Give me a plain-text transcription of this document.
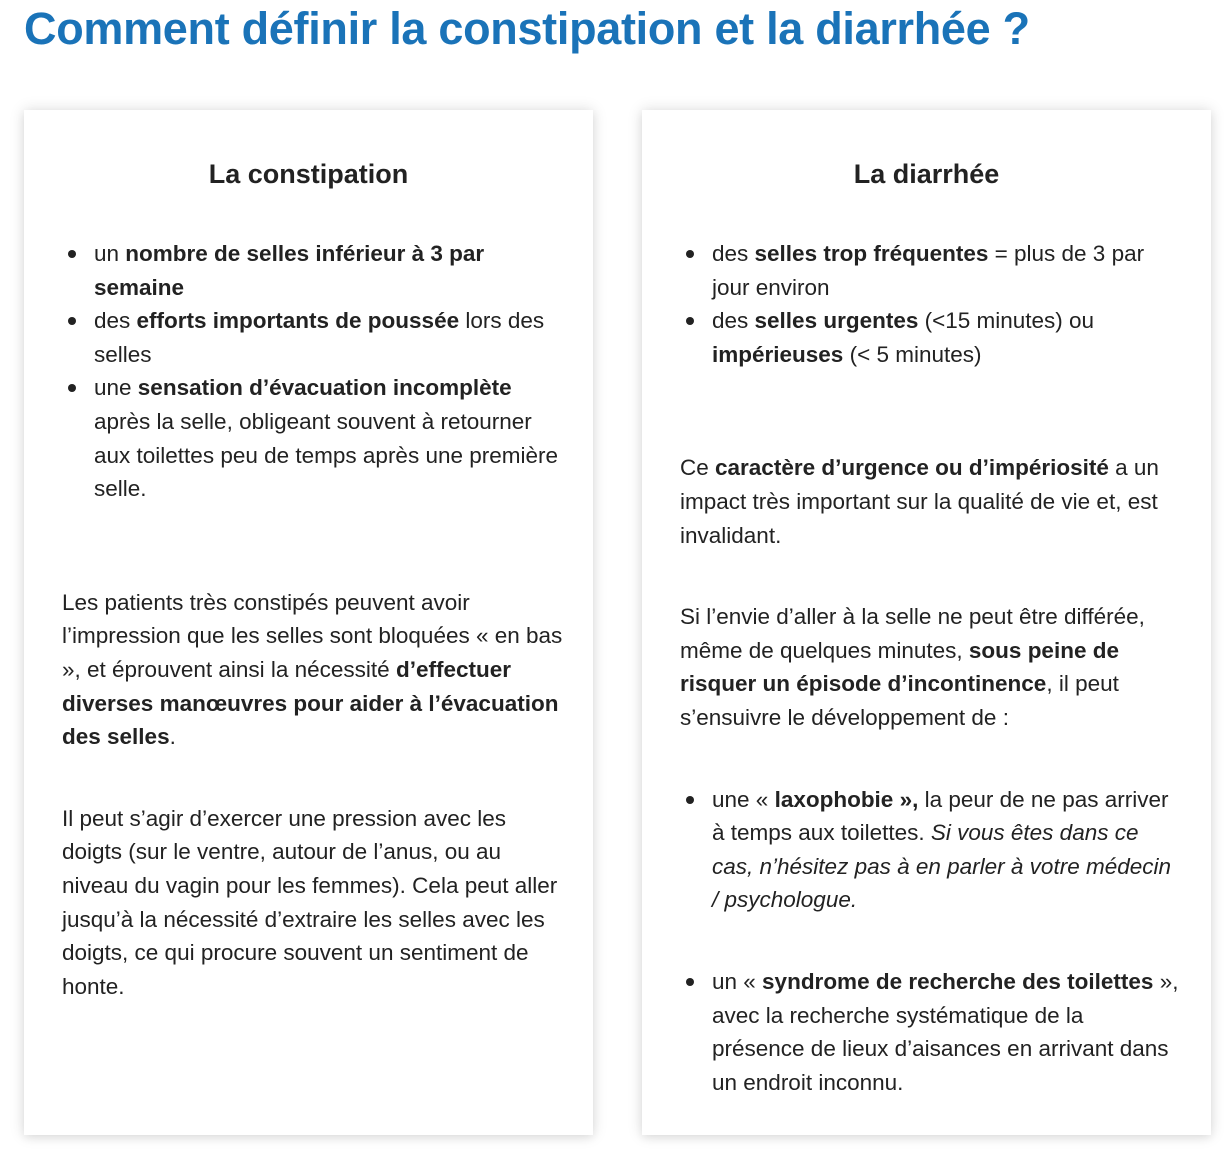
Comment définir la constipation et la diarrhée ?
La constipation
un nombre de selles inférieur à 3 par semaine
des efforts importants de poussée lors des selles
une sensation d’évacuation incomplète après la selle, obligeant souvent à retourner aux toilettes peu de temps après une première selle.

Les patients très constipés peuvent avoir l’impression que les selles sont bloquées « en bas », et éprouvent ainsi la nécessité d’effectuer diverses manœuvres pour aider à l’évacuation des selles.

Il peut s’agir d’exercer une pression avec les doigts (sur le ventre, autour de l’anus, ou au niveau du vagin pour les femmes). Cela peut aller jusqu’à la nécessité d’extraire les selles avec les doigts, ce qui procure souvent un sentiment de honte.

La diarrhée
des selles trop fréquentes = plus de 3 par jour environ
des selles urgentes (<15 minutes) ou impérieuses (< 5 minutes)

Ce caractère d’urgence ou d’impériosité a un impact très important sur la qualité de vie et, est invalidant.

Si l’envie d’aller à la selle ne peut être différée, même de quelques minutes, sous peine de risquer un épisode d’incontinence, il peut s’ensuivre le développement de :

une « laxophobie », la peur de ne pas arriver à temps aux toilettes. Si vous êtes dans ce cas, n’hésitez pas à en parler à votre médecin / psychologue.
un « syndrome de recherche des toilettes », avec la recherche systématique de la présence de lieux d’aisances en arrivant dans un endroit inconnu.
